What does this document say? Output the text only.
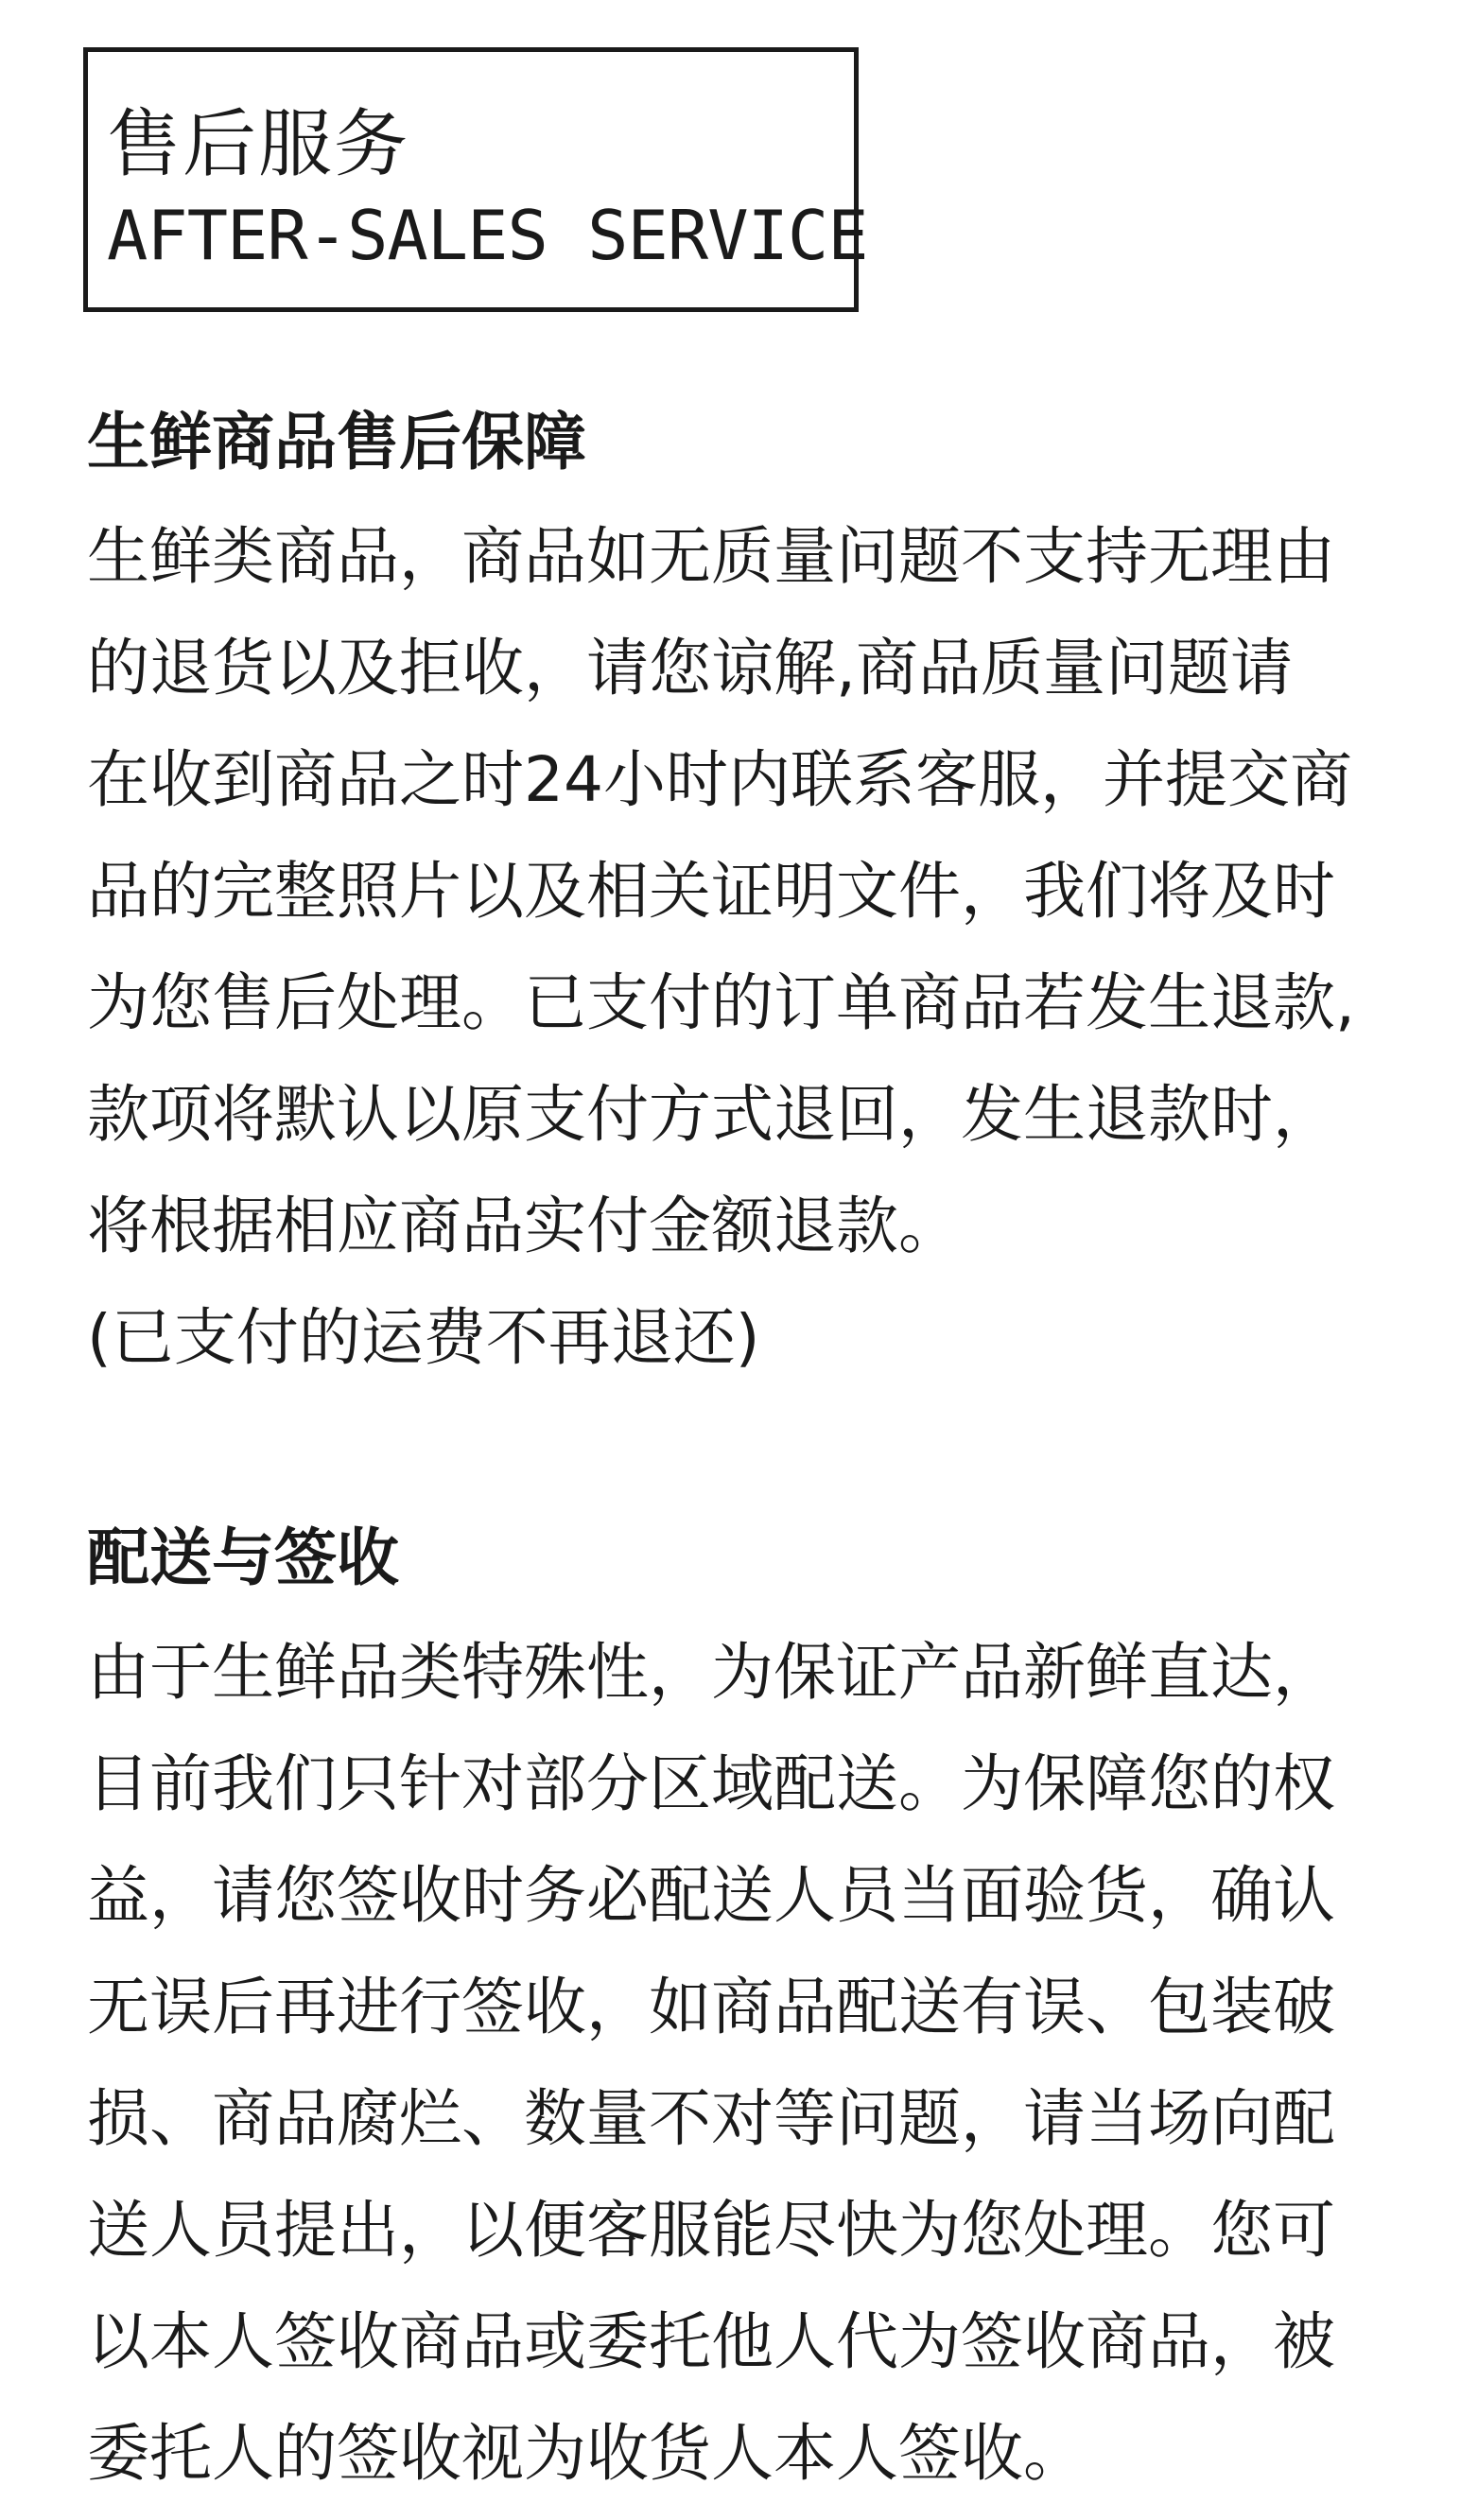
售后服务
AFTER-SALES SERVICE
生鲜商品售后保障
生鲜类商品，商品如无质量问题不支持无理由
的退货以及拒收，请您谅解,商品质量问题请
在收到商品之时24小时内联系客服，并提交商
品的完整照片以及相关证明文件，我们将及时
为您售后处理。已支付的订单商品若发生退款,
款项将默认以原支付方式退回，发生退款时，
将根据相应商品实付金额退款。
(已支付的运费不再退还)
配送与签收
由于生鲜品类特殊性，为保证产品新鲜直达，
目前我们只针对部分区域配送。为保障您的权
益，请您签收时务必配送人员当面验货，确认
无误后再进行签收，如商品配送有误、包装破
损、商品腐烂、数量不对等问题，请当场向配
送人员提出，以便客服能尽快为您处理。您可
以本人签收商品或委托他人代为签收商品，被
委托人的签收视为收货人本人签收。
